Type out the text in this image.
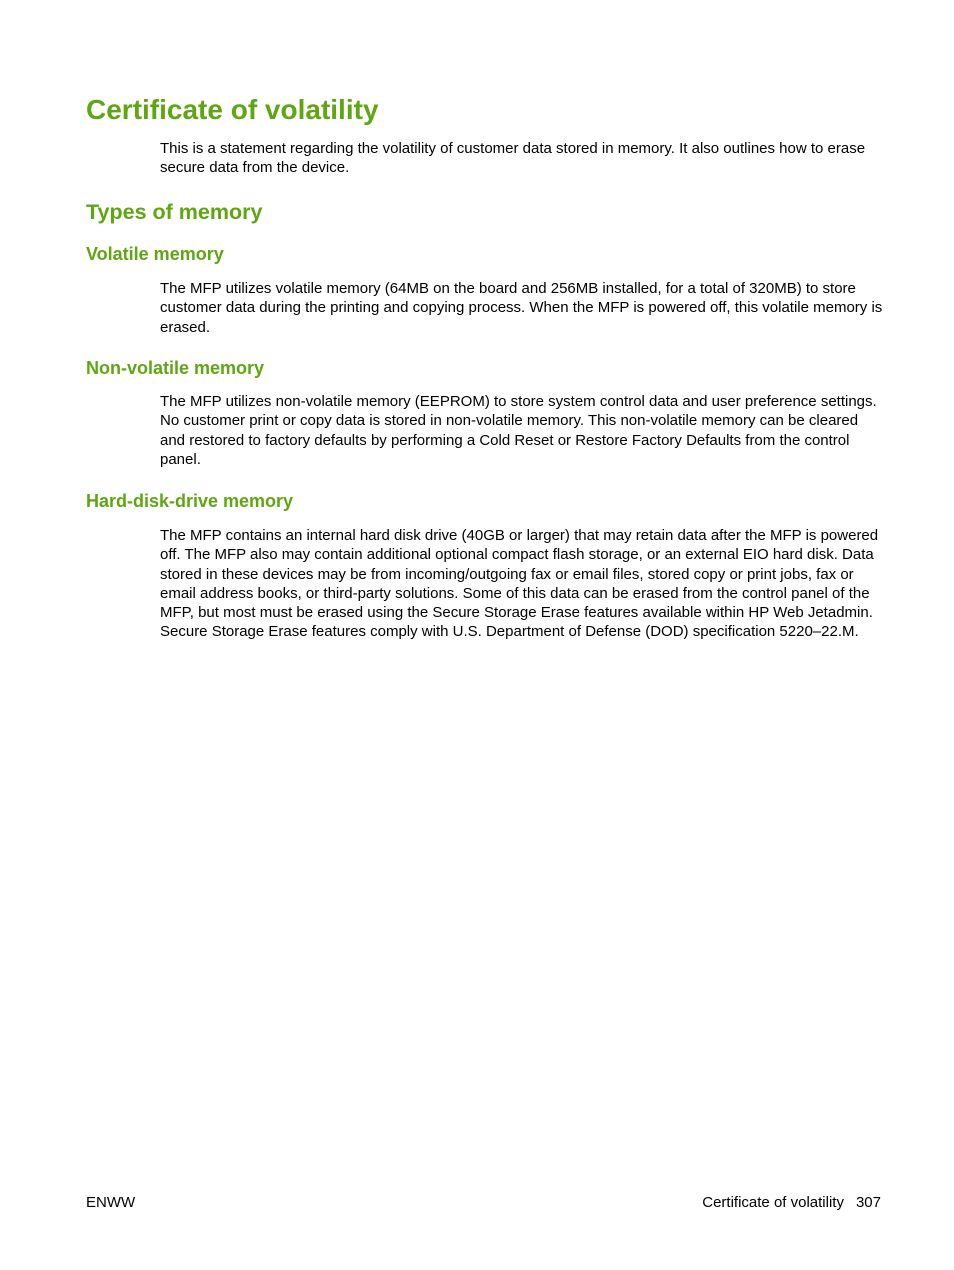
Certificate of volatility

This is a statement regarding the volatility of customer data stored in memory. It also outlines how to erase secure data from the device.

Types of memory
Volatile memory

The MFP utilizes volatile memory (64MB on the board and 256MB installed, for a total of 320MB) to store customer data during the printing and copying process. When the MFP is powered off, this volatile memory is erased.

Non-volatile memory

The MFP utilizes non-volatile memory (EEPROM) to store system control data and user preference settings. No customer print or copy data is stored in non-volatile memory. This non-volatile memory can be cleared and restored to factory defaults by performing a Cold Reset or Restore Factory Defaults from the control panel.

Hard-disk-drive memory

The MFP contains an internal hard disk drive (40GB or larger) that may retain data after the MFP is powered off. The MFP also may contain additional optional compact flash storage, or an external EIO hard disk. Data stored in these devices may be from incoming/outgoing fax or email files, stored copy or print jobs, fax or email address books, or third-party solutions. Some of this data can be erased from the control panel of the MFP, but most must be erased using the Secure Storage Erase features available within HP Web Jetadmin. Secure Storage Erase features comply with U.S. Department of Defense (DOD) specification 5220–22.M.

ENWW	Certificate of volatility 307
